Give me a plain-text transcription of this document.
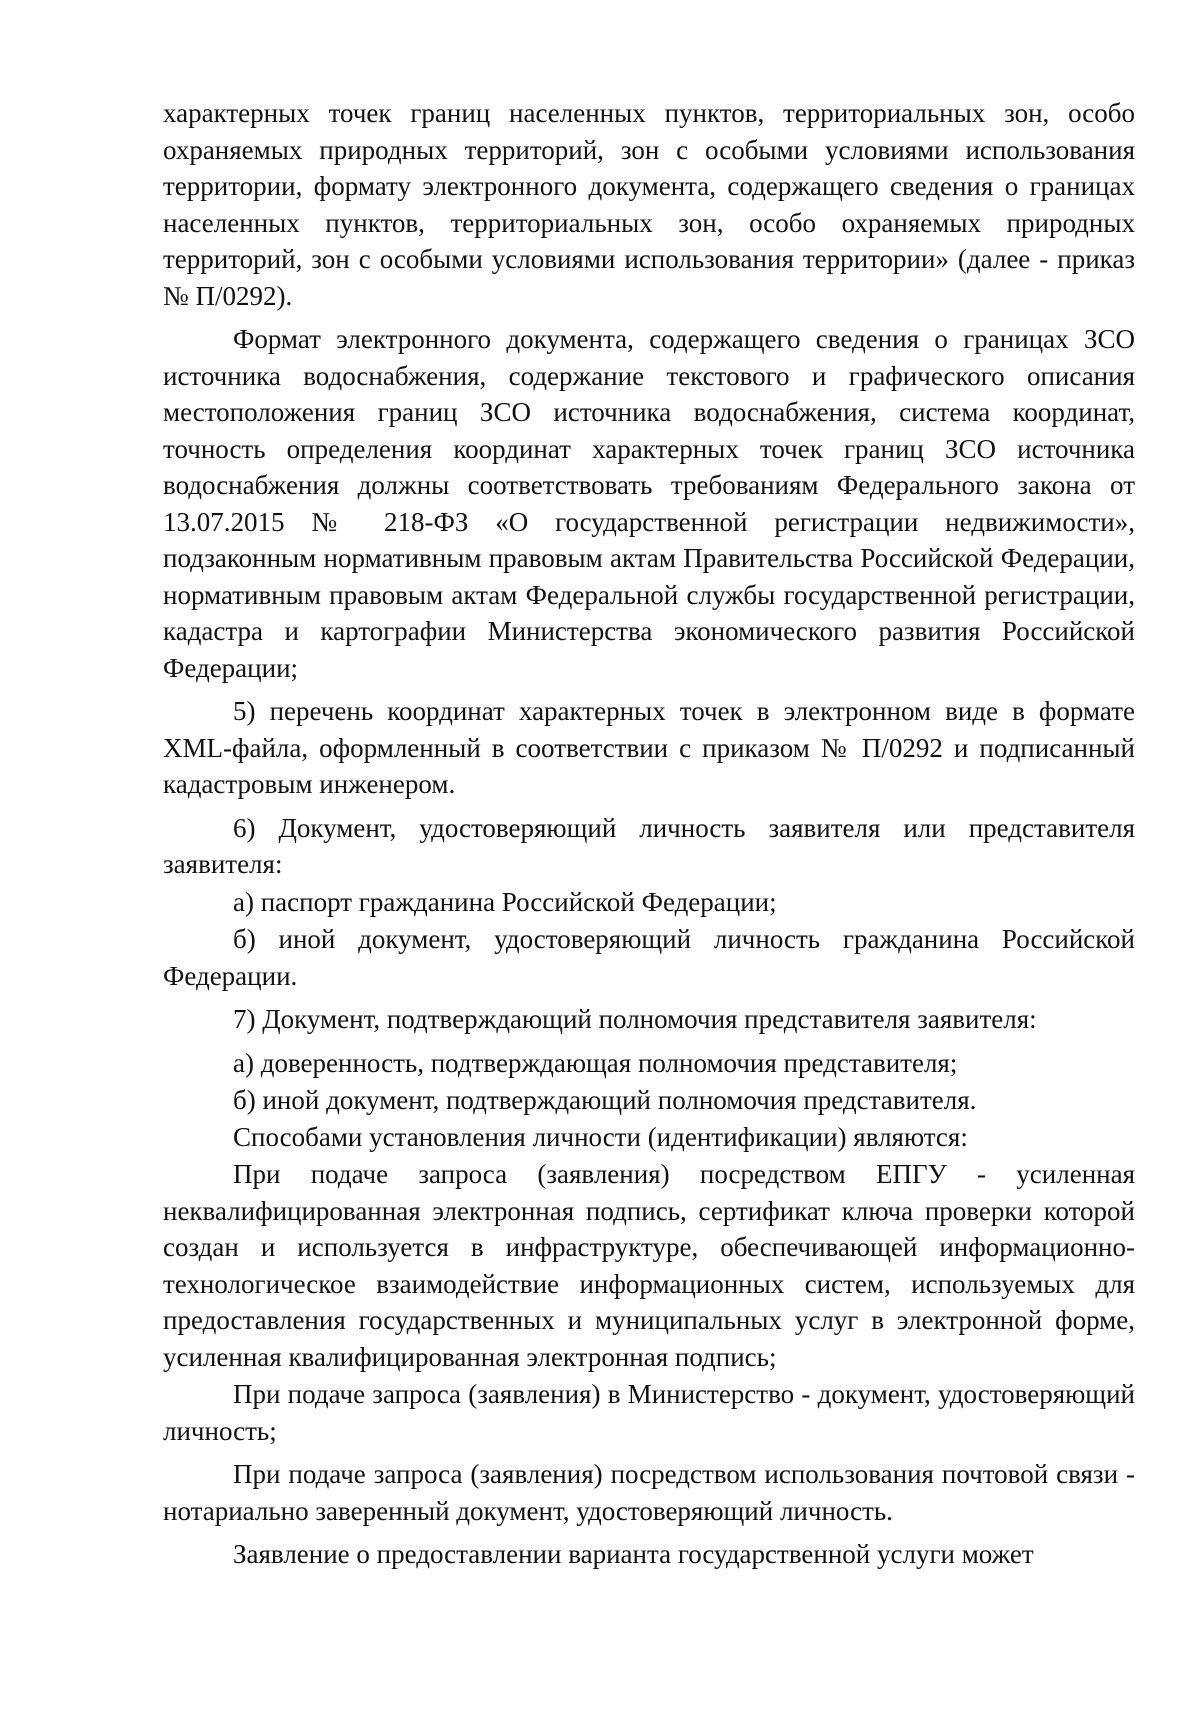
характерных точек границ населенных пунктов, территориальных зон, особо охраняемых природных территорий, зон с особыми условиями использования территории, формату электронного документа, содержащего сведения о границах населенных пунктов, территориальных зон, особо охраняемых природных территорий, зон с особыми условиями использования территории» (далее - приказ № П/0292).

Формат электронного документа, содержащего сведения о границах ЗСО источника водоснабжения, содержание текстового и графического описания местоположения границ ЗСО источника водоснабжения, система координат, точность определения координат характерных точек границ ЗСО источника водоснабжения должны соответствовать требованиям Федерального закона от 13.07.2015 № 218-ФЗ «О государственной регистрации недвижимости», подзаконным нормативным правовым актам Правительства Российской Федерации, нормативным правовым актам Федеральной службы государственной регистрации, кадастра и картографии Министерства экономического развития Российской Федерации;

5) перечень координат характерных точек в электронном виде в формате XML-файла, оформленный в соответствии с приказом № П/0292 и подписанный кадастровым инженером.

6) Документ, удостоверяющий личность заявителя или представителя заявителя:

а) паспорт гражданина Российской Федерации;

б) иной документ, удостоверяющий личность гражданина Российской Федерации.

7) Документ, подтверждающий полномочия представителя заявителя:

а) доверенность, подтверждающая полномочия представителя;

б) иной документ, подтверждающий полномочия представителя.

Способами установления личности (идентификации) являются:

При подаче запроса (заявления) посредством ЕПГУ - усиленная неквалифицированная электронная подпись, сертификат ключа проверки которой создан и используется в инфраструктуре, обеспечивающей информационно-технологическое взаимодействие информационных систем, используемых для предоставления государственных и муниципальных услуг в электронной форме, усиленная квалифицированная электронная подпись;

При подаче запроса (заявления) в Министерство - документ, удостоверяющий личность;

При подаче запроса (заявления) посредством использования почтовой связи - нотариально заверенный документ, удостоверяющий личность.

Заявление о предоставлении варианта государственной услуги может
